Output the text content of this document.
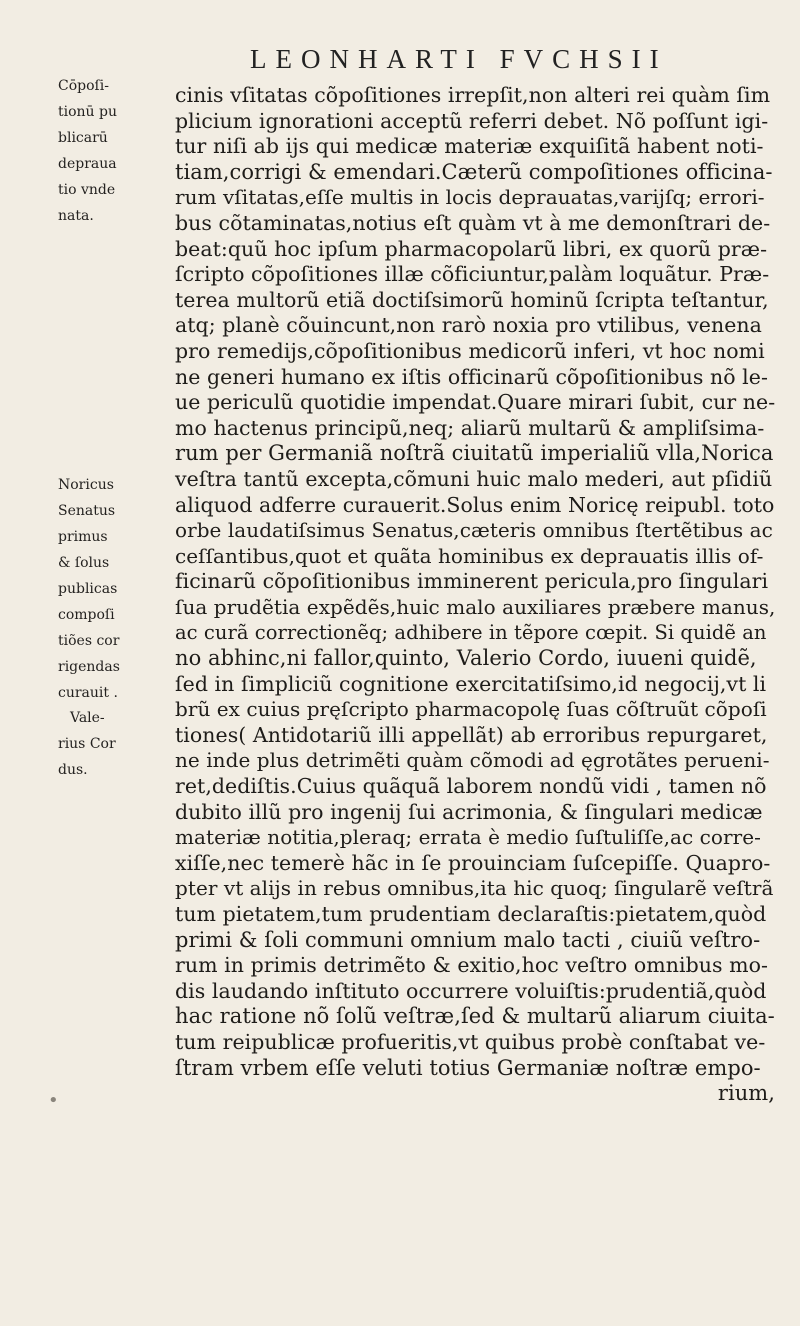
LEONHARTI FVCHSII
Cōpoſi-
tionū pu
blicarū
deprauа
tio vnde
nata.
Noricus
Senatus
primus
& ſolus
publicas
compoſi
tiões cor
rigendas
curauit .
Vale-
rius Cor
dus.
cinis vſitatas cõpoſitiones irrepſit,non alteri rei quàm ſim
plicium ignorationi acceptũ referri debet. Nõ poſſunt igi-
tur niſi ab ijs qui medicæ materiæ exquiſitã habent noti-
tiam,corrigi & emendari.Cæterũ compoſitiones officina-
rum vſitatas,eſſe multis in locis deprauatas,varijſq; errori-
bus cõtaminatas,notius eſt quàm vt à me demonſtrari de-
beat:quũ hoc ipſum pharmacopolarũ libri, ex quorũ præ-
ſcripto cõpoſitiones illæ cõficiuntur,palàm loquãtur. Præ-
terea multorũ etiã doctiſsimorũ hominũ ſcripta teſtantur,
atq; planè cõuincunt,non rarò noxia pro vtilibus, venena
pro remedijs,cõpoſitionibus medicorũ inferi, vt hoc nomi
ne generi humano ex iſtis officinarũ cõpoſitionibus nõ le-
ue periculũ quotidie impendat.Quare mirari ſubit, cur ne-
mo hactenus principũ,neq; aliarũ multarũ & ampliſsima-
rum per Germaniã noſtrã ciuitatũ imperialiũ vlla,Norica
veſtra tantũ excepta,cõmuni huic malo mederi, aut pſidiũ
aliquod adferre curauerit.Solus enim Noricę reipubl. toto
orbe laudatiſsimus Senatus,cæteris omnibus ſtertẽtibus ac
ceſſantibus,quot et quãta hominibus ex deprauatis illis of-
ficinarũ cõpoſitionibus imminerent pericula,pro ſingulari
ſua prudẽtia expẽdẽs,huic malo auxiliares præbere manus,
ac curã correctionẽq; adhibere in tẽpore cœpit. Si quidẽ an
no abhinc,ni fallor,quinto, Valerio Cordo, iuueni quidẽ,
ſed in ſimpliciũ cognitione exercitatiſsimo,id negocij,vt li
brũ ex cuius pręſcripto pharmacopolę ſuas cõſtruũt cõpoſi
tiones( Antidotariũ illi appellãt) ab erroribus repurgaret,
ne inde plus detrimẽti quàm cõmodi ad ęgrotãtes perueni-
ret,dediſtis.Cuius quãquã laborem nondũ vidi , tamen nõ
dubito illũ pro ingenij ſui acrimonia, & ſingulari medicæ
materiæ notitia,pleraq; errata è medio ſuſtuliſſe,ac corre-
xiſſe,nec temerè hãc in ſe prouinciam ſuſcepiſſe. Quapro-
pter vt alijs in rebus omnibus,ita hic quoq; ſingularẽ veſtrã
tum pietatem,tum prudentiam declaraſtis:pietatem,quòd
primi & ſoli communi omnium malo tacti , ciuiũ veſtro-
rum in primis detrimẽto & exitio,hoc veſtro omnibus mo-
dis laudando inſtituto occurrere voluiſtis:prudentiã,quòd
hac ratione nõ ſolũ veſtræ,ſed & multarũ aliarum ciuita-
tum reipublicæ profueritis,vt quibus probè conſtabat ve-
ſtram vrbem eſſe veluti totius Germaniæ noſtræ empo-
rium,
•
